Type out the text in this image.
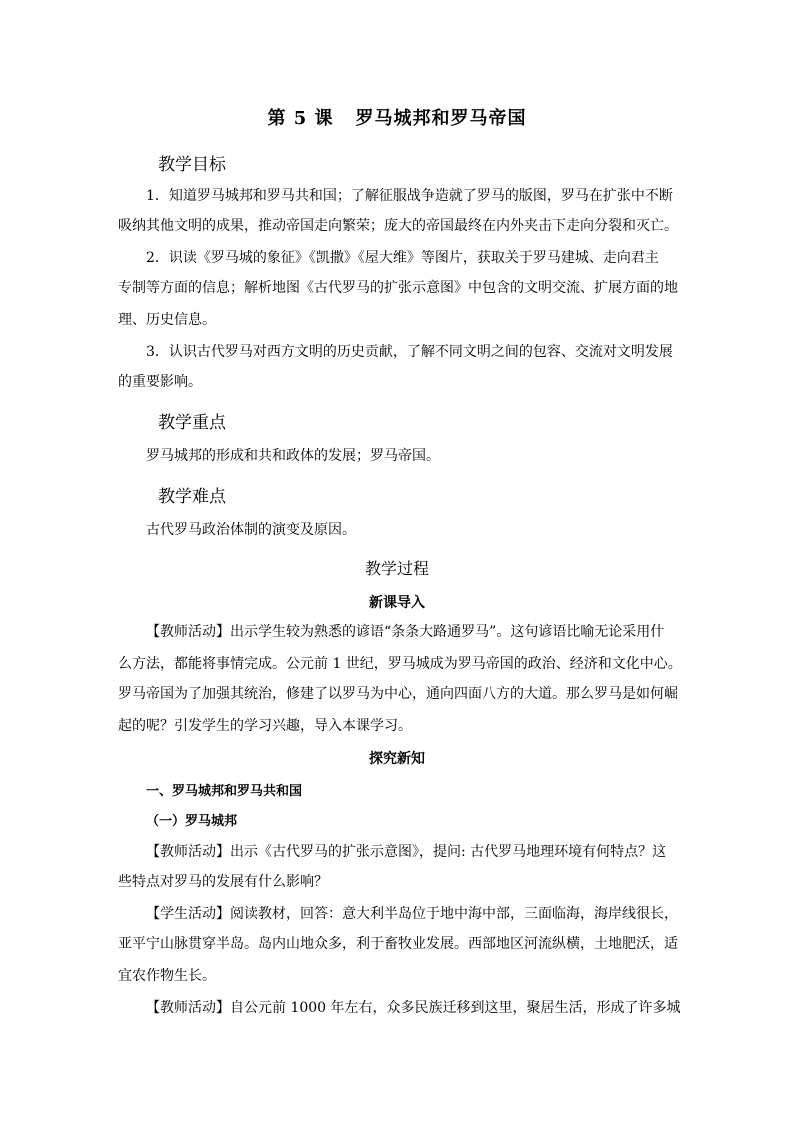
第 5 课 罗马城邦和罗马帝国
教学目标
1．知道罗马城邦和罗马共和国；了解征服战争造就了罗马的版图，罗马在扩张中不断
吸纳其他文明的成果，推动帝国走向繁荣；庞大的帝国最终在内外夹击下走向分裂和灭亡。
2．识读《罗马城的象征》《凯撒》《屋大维》等图片，获取关于罗马建城、走向君主
专制等方面的信息；解析地图《古代罗马的扩张示意图》中包含的文明交流、扩展方面的地
理、历史信息。
3．认识古代罗马对西方文明的历史贡献，了解不同文明之间的包容、交流对文明发展
的重要影响。
教学重点
罗马城邦的形成和共和政体的发展；罗马帝国。
教学难点
古代罗马政治体制的演变及原因。
教学过程
新课导入
【教师活动】出示学生较为熟悉的谚语“条条大路通罗马”。这句谚语比喻无论采用什
么方法，都能将事情完成。公元前 1 世纪，罗马城成为罗马帝国的政治、经济和文化中心。
罗马帝国为了加强其统治，修建了以罗马为中心，通向四面八方的大道。那么罗马是如何崛
起的呢？引发学生的学习兴趣，导入本课学习。
探究新知
一、罗马城邦和罗马共和国
（一）罗马城邦
【教师活动】出示《古代罗马的扩张示意图》，提问: 古代罗马地理环境有何特点？这
些特点对罗马的发展有什么影响？
【学生活动】阅读教材，回答：意大利半岛位于地中海中部，三面临海，海岸线很长，
亚平宁山脉贯穿半岛。岛内山地众多，利于畜牧业发展。西部地区河流纵横，土地肥沃，适
宜农作物生长。
【教师活动】自公元前 1000 年左右，众多民族迁移到这里，聚居生活，形成了许多城
